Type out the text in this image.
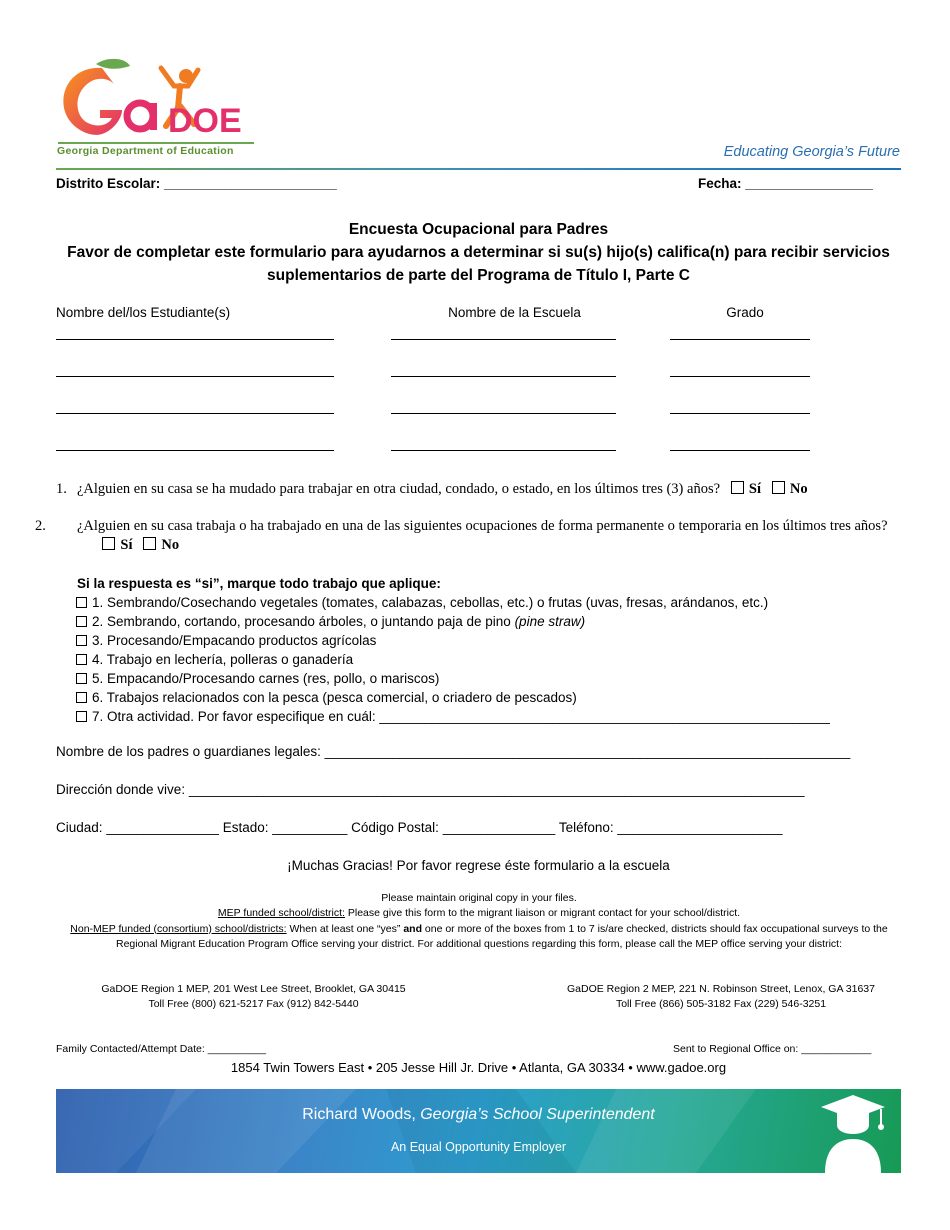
DOE
Georgia Department of Education	Educating Georgia’s Future
Distrito Escolar: _______________________	Fecha: _________________
Encuesta Ocupacional para Padres
Favor de completar este formulario para ayudarnos a determinar si su(s) hijo(s) califica(n) para recibir servicios suplementarios de parte del Programa de Título I, Parte C
Nombre del/los Estudiante(s)	Nombre de la Escuela	Grado
1. ¿Alguien en su casa se ha mudado para trabajar en otra ciudad, condado, o estado, en los últimos tres (3) años? Sí No
2. ¿Alguien en su casa trabaja o ha trabajado en una de las siguientes ocupaciones de forma permanente o temporaria en los últimos tres años?        Sí No
Si la respuesta es “si”, marque todo trabajo que aplique:
1. Sembrando/Cosechando vegetales (tomates, calabazas, cebollas, etc.) o frutas (uvas, fresas, arándanos, etc.)
2. Sembrando, cortando, procesando árboles, o juntando paja de pino (pine straw)
3. Procesando/Empacando productos agrícolas
4. Trabajo en lechería, polleras o ganadería
5. Empacando/Procesando carnes (res, pollo, o mariscos)
6. Trabajos relacionados con la pesca (pesca comercial, o criadero de pescados)
7. Otra actividad. Por favor especifique en cuál: ____________________________________________________________
Nombre de los padres o guardianes legales: ______________________________________________________________________
Dirección donde vive: __________________________________________________________________________________
Ciudad: _______________ Estado: __________ Código Postal: _______________ Teléfono: ______________________
¡Muchas Gracias! Por favor regrese éste formulario a la escuela
Please maintain original copy in your files.
MEP funded school/district: Please give this form to the migrant liaison or migrant contact for your school/district.
Non-MEP funded (consortium) school/districts: When at least one “yes” and one or more of the boxes from 1 to 7 is/are checked, districts should fax occupational surveys to the Regional Migrant Education Program Office serving your district. For additional questions regarding this form, please call the MEP office serving your district:
GaDOE Region 1 MEP, 201 West Lee Street, Brooklet, GA 30415
Toll Free (800) 621-5217 Fax (912) 842-5440
GaDOE Region 2 MEP, 221 N. Robinson Street, Lenox, GA 31637
Toll Free (866) 505-3182 Fax (229) 546-3251
Family Contacted/Attempt Date: __________	Sent to Regional Office on: ____________
1854 Twin Towers East • 205 Jesse Hill Jr. Drive • Atlanta, GA 30334 • www.gadoe.org
Richard Woods, Georgia’s School Superintendent
An Equal Opportunity Employer
